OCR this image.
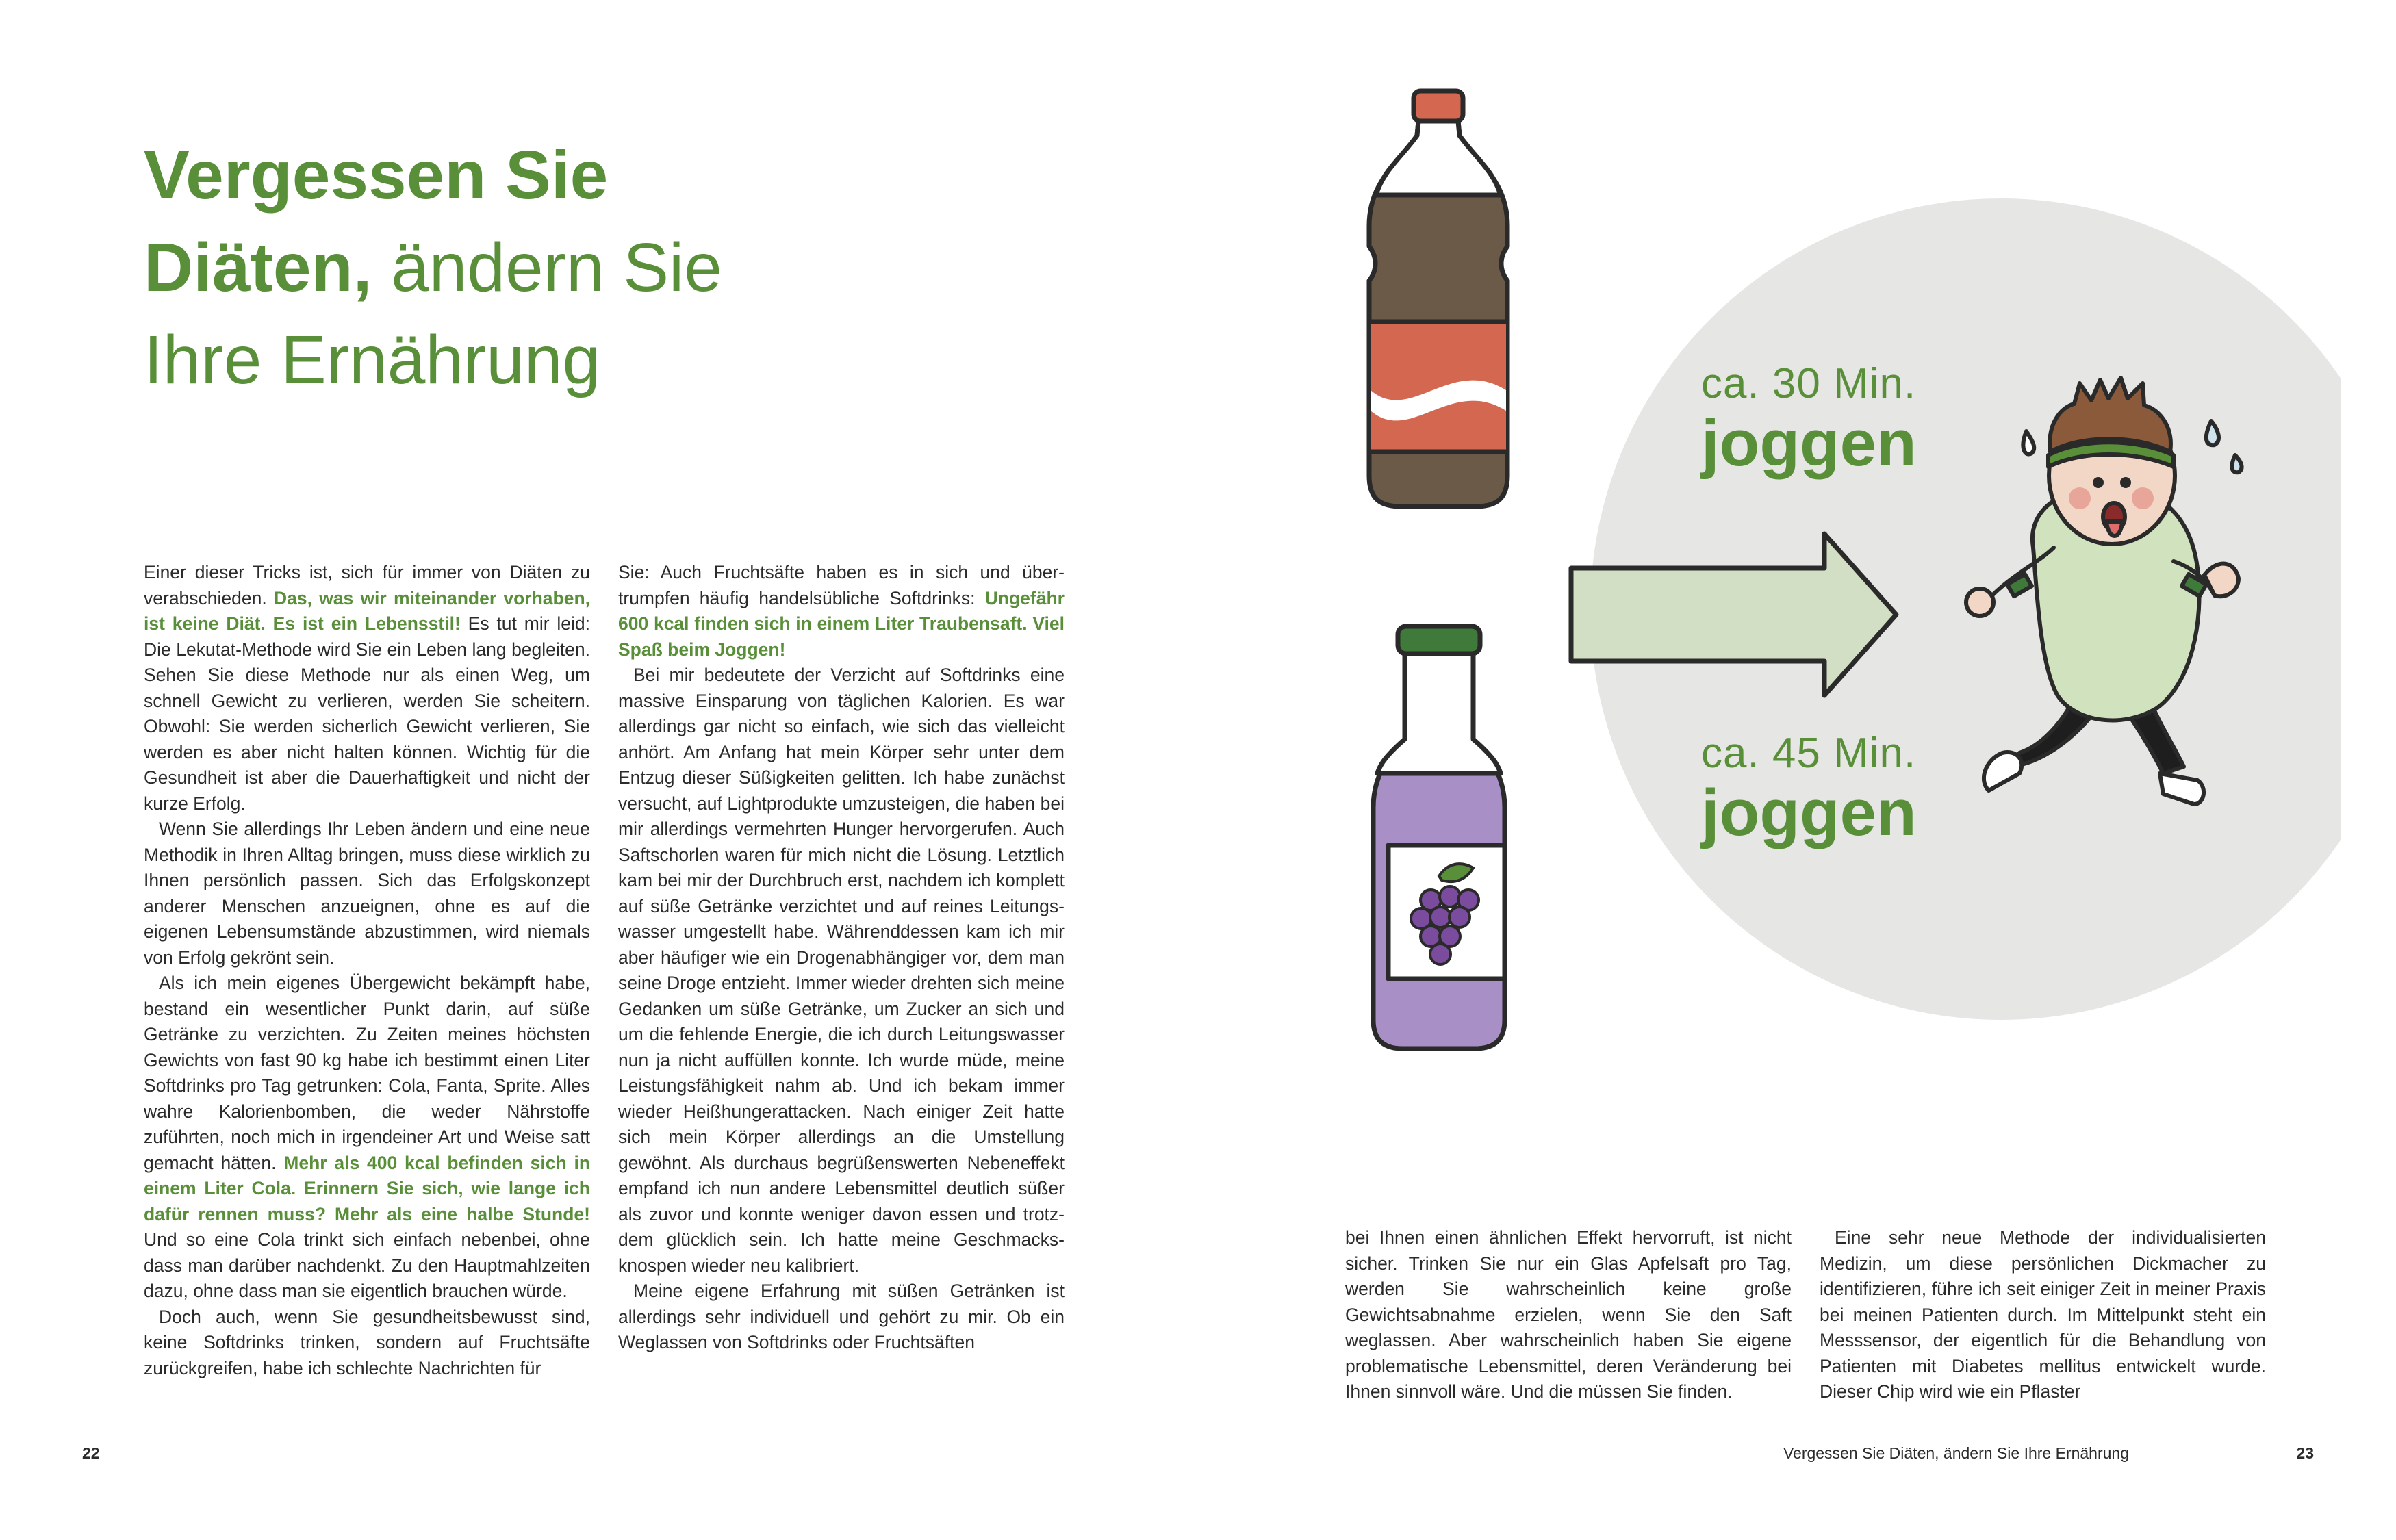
Vergessen Sie
Diäten, ändern Sie
Ihre Ernährung

Einer dieser Tricks ist, sich für immer von Diäten zu verabschieden. Das, was wir miteinander vorhaben, ist keine Diät. Es ist ein Lebensstil! Es tut mir leid: Die Lekutat-Methode wird Sie ein Leben lang begleiten. Sehen Sie diese Methode nur als einen Weg, um schnell Gewicht zu verlieren, werden Sie scheitern. Obwohl: Sie werden sicherlich Gewicht verlieren, Sie werden es aber nicht halten können. Wichtig für die Gesundheit ist aber die Dauerhaftigkeit und nicht der kurze Erfolg.

Wenn Sie allerdings Ihr Leben ändern und eine neue Methodik in Ihren Alltag bringen, muss diese wirklich zu Ihnen persönlich passen. Sich das Erfolgskonzept anderer Menschen anzueignen, ohne es auf die eigenen Lebensumstände abzustimmen, wird niemals von Erfolg gekrönt sein.

Als ich mein eigenes Übergewicht bekämpft habe, bestand ein wesentlicher Punkt darin, auf süße Getränke zu verzichten. Zu Zeiten meines höchsten Gewichts von fast 90 kg habe ich bestimmt einen Liter Softdrinks pro Tag getrunken: Cola, Fanta, Sprite. Alles wahre Kalorienbomben, die weder Nährstoffe zuführten, noch mich in irgendeiner Art und Weise satt gemacht hätten. Mehr als 400 kcal befinden sich in einem Liter Cola. Erinnern Sie sich, wie lange ich dafür rennen muss? Mehr als eine halbe Stunde! Und so eine Cola trinkt sich einfach nebenbei, ohne dass man darüber nachdenkt. Zu den Hauptmahlzeiten dazu, ohne dass man sie eigentlich brauchen würde.

Doch auch, wenn Sie gesundheitsbewusst sind, keine Softdrinks trinken, sondern auf Fruchtsäfte zurückgreifen, habe ich schlechte Nachrichten für

Sie: Auch Fruchtsäfte haben es in sich und übertrumpfen häufig handelsübliche Softdrinks: Ungefähr 600 kcal finden sich in einem Liter Traubensaft. Viel Spaß beim Joggen!

Bei mir bedeutete der Verzicht auf Softdrinks eine massive Einsparung von täglichen Kalorien. Es war allerdings gar nicht so einfach, wie sich das vielleicht anhört. Am Anfang hat mein Körper sehr unter dem Entzug dieser Süßigkeiten gelitten. Ich habe zunächst versucht, auf Lightprodukte umzusteigen, die haben bei mir allerdings vermehrten Hunger hervorgerufen. Auch Saftschorlen waren für mich nicht die Lösung. Letztlich kam bei mir der Durchbruch erst, nachdem ich komplett auf süße Getränke verzichtet und auf reines Leitungswasser umgestellt habe. Währenddessen kam ich mir aber häufiger wie ein Drogenabhängiger vor, dem man seine Droge entzieht. Immer wieder drehten sich meine Gedanken um süße Getränke, um Zucker an sich und um die fehlende Energie, die ich durch Leitungswasser nun ja nicht auffüllen konnte. Ich wurde müde, meine Leistungsfähigkeit nahm ab. Und ich bekam immer wieder Heißhungerattacken. Nach einiger Zeit hatte sich mein Körper allerdings an die Umstellung gewöhnt. Als durchaus begrüßenswerten Nebeneffekt empfand ich nun andere Lebensmittel deutlich süßer als zuvor und konnte weniger davon essen und trotzdem glücklich sein. Ich hatte meine Geschmacksknospen wieder neu kalibriert.

Meine eigene Erfahrung mit süßen Getränken ist allerdings sehr individuell und gehört zu mir. Ob ein Weglassen von Softdrinks oder Fruchtsäften

22
ca. 30 Min.
joggen
ca. 45 Min.
joggen

bei Ihnen einen ähnlichen Effekt hervorruft, ist nicht sicher. Trinken Sie nur ein Glas Apfelsaft pro Tag, werden Sie wahrscheinlich keine große Gewichtsabnahme erzielen, wenn Sie den Saft weglassen. Aber wahrscheinlich haben Sie eigene problematische Lebensmittel, deren Veränderung bei Ihnen sinnvoll wäre. Und die müssen Sie finden.

Eine sehr neue Methode der individualisierten Medizin, um diese persönlichen Dickmacher zu identifizieren, führe ich seit einiger Zeit in meiner Praxis bei meinen Patienten durch. Im Mittelpunkt steht ein Messsensor, der eigentlich für die Behandlung von Patienten mit Diabetes mellitus entwickelt wurde. Dieser Chip wird wie ein Pflaster

Vergessen Sie Diäten, ändern Sie Ihre Ernährung	23
